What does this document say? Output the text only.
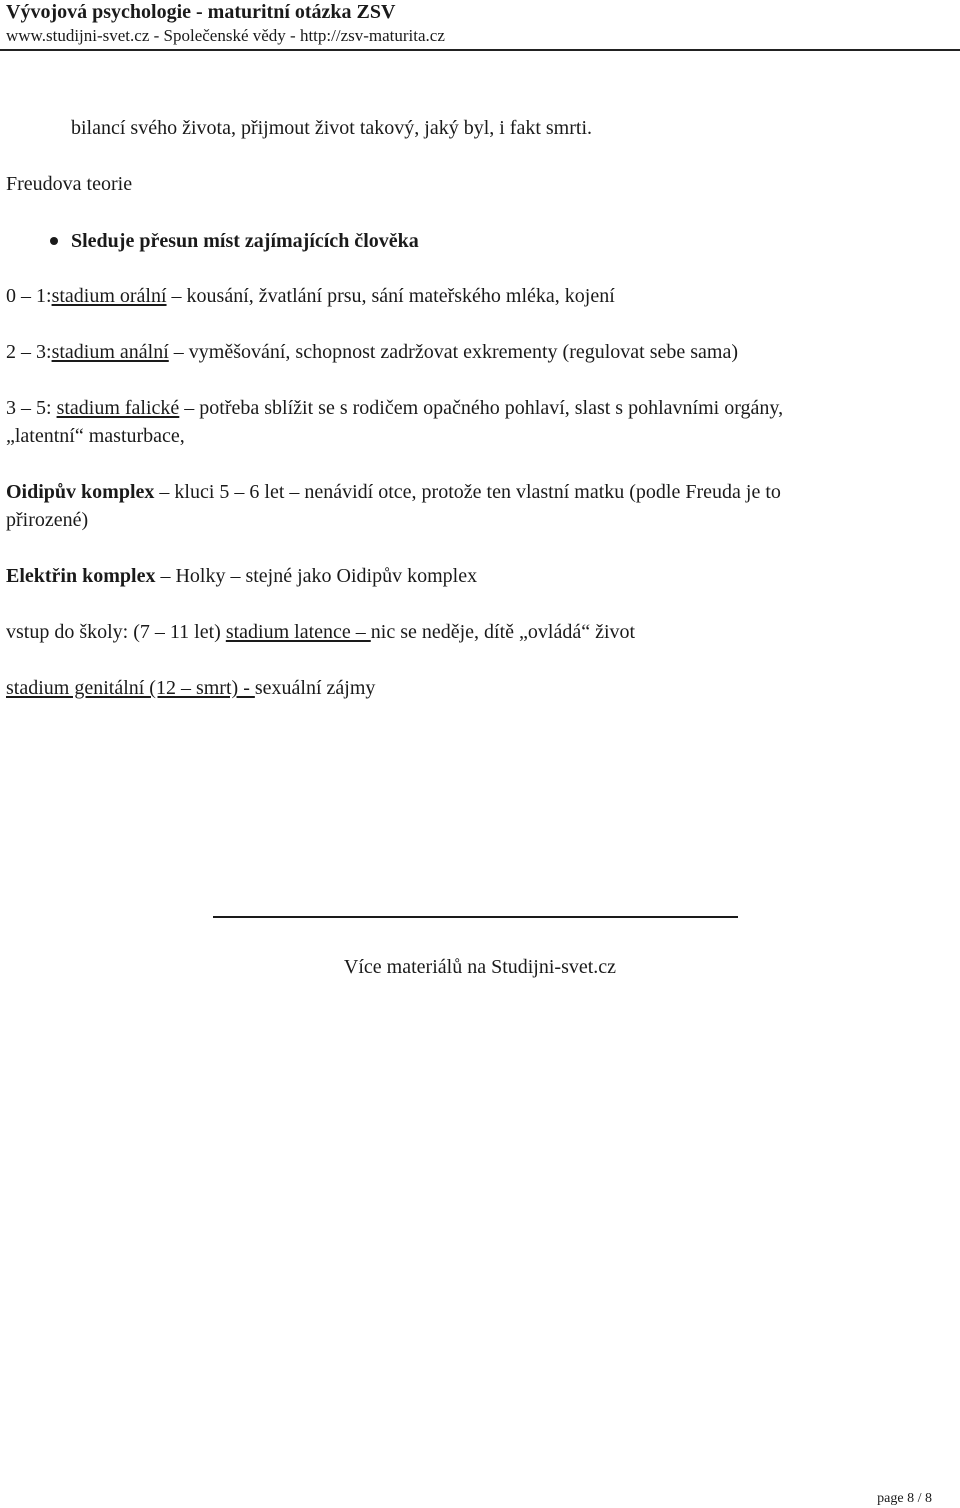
Vývojová psychologie - maturitní otázka ZSV
www.studijni-svet.cz - Společenské vědy - http://zsv-maturita.cz
bilancí svého života, přijmout život takový, jaký byl, i fakt smrti.
Freudova teorie
Sleduje přesun míst zajímajících člověka
0 – 1:stadium orální – kousání, žvatlání prsu, sání mateřského mléka, kojení
2 – 3:stadium anální – vyměšování, schopnost zadržovat exkrementy (regulovat sebe sama)
3 – 5: stadium falické – potřeba sblížit se s rodičem opačného pohlaví, slast s pohlavními orgány,
„latentní“ masturbace,
Oidipův komplex – kluci 5 – 6 let – nenávidí otce, protože ten vlastní matku (podle Freuda je to
přirozené)
Elektřin komplex – Holky – stejné jako Oidipův komplex
vstup do školy: (7 – 11 let) stadium latence – nic se neděje, dítě „ovládá“ život
stadium genitální (12 – smrt) - sexuální zájmy
Více materiálů na Studijni-svet.cz
page 8 / 8
